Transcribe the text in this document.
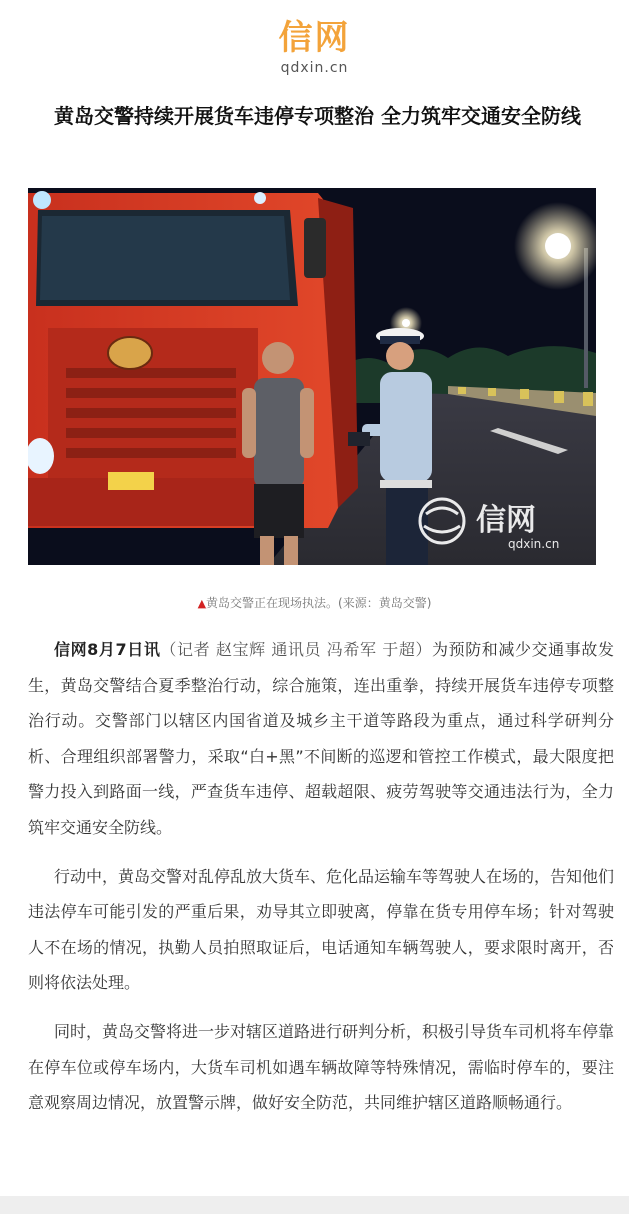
信网
qdxin.cn
黄岛交警持续开展货车违停专项整治 全力筑牢交通安全防线
信网
qdxin.cn
▲黄岛交警正在现场执法。(来源：黄岛交警)

信网8月7日讯（记者 赵宝辉 通讯员 冯希军 于超）为预防和减少交通事故发生，黄岛交警结合夏季整治行动，综合施策，连出重拳，持续开展货车违停专项整治行动。交警部门以辖区内国省道及城乡主干道等路段为重点，通过科学研判分析、合理组织部署警力，采取“白+黑”不间断的巡逻和管控工作模式，最大限度把警力投入到路面一线，严查货车违停、超载超限、疲劳驾驶等交通违法行为，全力筑牢交通安全防线。

行动中，黄岛交警对乱停乱放大货车、危化品运输车等驾驶人在场的，告知他们违法停车可能引发的严重后果，劝导其立即驶离，停靠在货专用停车场；针对驾驶人不在场的情况，执勤人员拍照取证后，电话通知车辆驾驶人，要求限时离开，否则将依法处理。

同时，黄岛交警将进一步对辖区道路进行研判分析，积极引导货车司机将车停靠在停车位或停车场内，大货车司机如遇车辆故障等特殊情况，需临时停车的，要注意观察周边情况，放置警示牌，做好安全防范，共同维护辖区道路顺畅通行。
